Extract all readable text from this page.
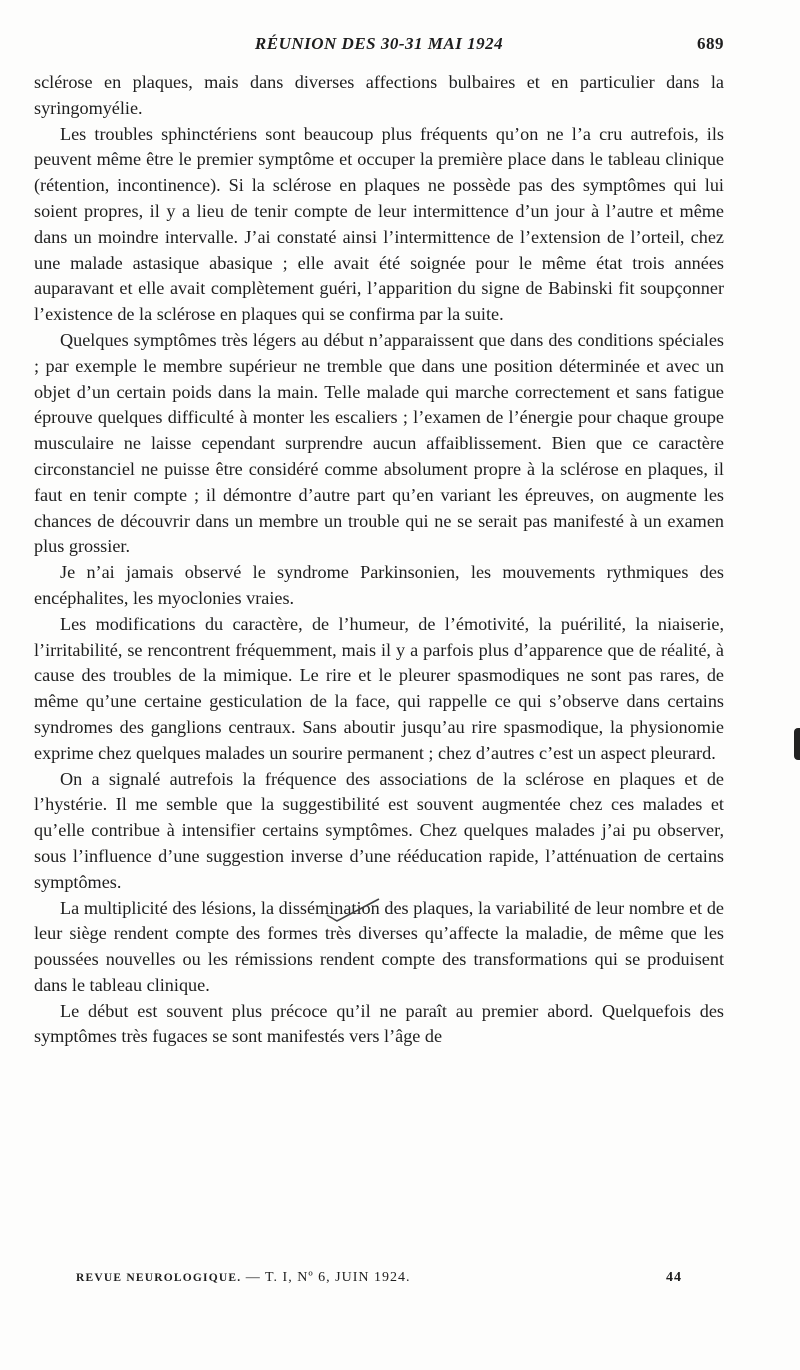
RÉUNION DES 30-31 MAI 1924	689

sclérose en plaques, mais dans diverses affections bulbaires et en particulier dans la syringomyélie.

Les troubles sphinctériens sont beaucoup plus fréquents qu’on ne l’a cru autrefois, ils peuvent même être le premier symptôme et occuper la première place dans le tableau clinique (rétention, incontinence). Si la sclérose en plaques ne possède pas des symptômes qui lui soient propres, il y a lieu de tenir compte de leur intermittence d’un jour à l’autre et même dans un moindre intervalle. J’ai constaté ainsi l’intermittence de l’extension de l’orteil, chez une malade astasique abasique ; elle avait été soignée pour le même état trois années auparavant et elle avait complètement guéri, l’apparition du signe de Babinski fit soupçonner l’existence de la sclérose en plaques qui se confirma par la suite.

Quelques symptômes très légers au début n’apparaissent que dans des conditions spéciales ; par exemple le membre supérieur ne tremble que dans une position déterminée et avec un objet d’un certain poids dans la main. Telle malade qui marche correctement et sans fatigue éprouve quelques difficulté à monter les escaliers ; l’examen de l’énergie pour chaque groupe musculaire ne laisse cependant surprendre aucun affaiblissement. Bien que ce caractère circonstanciel ne puisse être considéré comme absolument propre à la sclérose en plaques, il faut en tenir compte ; il démontre d’autre part qu’en variant les épreuves, on augmente les chances de découvrir dans un membre un trouble qui ne se serait pas manifesté à un examen plus grossier.

Je n’ai jamais observé le syndrome Parkinsonien, les mouvements rythmiques des encéphalites, les myoclonies vraies.

Les modifications du caractère, de l’humeur, de l’émotivité, la puérilité, la niaiserie, l’irritabilité, se rencontrent fréquemment, mais il y a parfois plus d’apparence que de réalité, à cause des troubles de la mimique. Le rire et le pleurer spasmodiques ne sont pas rares, de même qu’une certaine gesticulation de la face, qui rappelle ce qui s’observe dans certains syndromes des ganglions centraux. Sans aboutir jusqu’au rire spasmodique, la physionomie exprime chez quelques malades un sourire permanent ; chez d’autres c’est un aspect pleurard.

On a signalé autrefois la fréquence des associations de la sclérose en plaques et de l’hystérie. Il me semble que la suggestibilité est souvent augmentée chez ces malades et qu’elle contribue à intensifier certains symptômes. Chez quelques malades j’ai pu observer, sous l’influence d’une suggestion inverse d’une rééducation rapide, l’atténuation de certains symptômes.

La multiplicité des lésions, la dissémination des plaques, la variabilité de leur nombre et de leur siège rendent compte des formes très diverses qu’affecte la maladie, de même que les poussées nouvelles ou les rémissions rendent compte des transformations qui se produisent dans le tableau clinique.

Le début est souvent plus précoce qu’il ne paraît au premier abord. Quelquefois des symptômes très fugaces se sont manifestés vers l’âge de

REVUE NEUROLOGIQUE. — T. I, Nº 6, JUIN 1924.	44
